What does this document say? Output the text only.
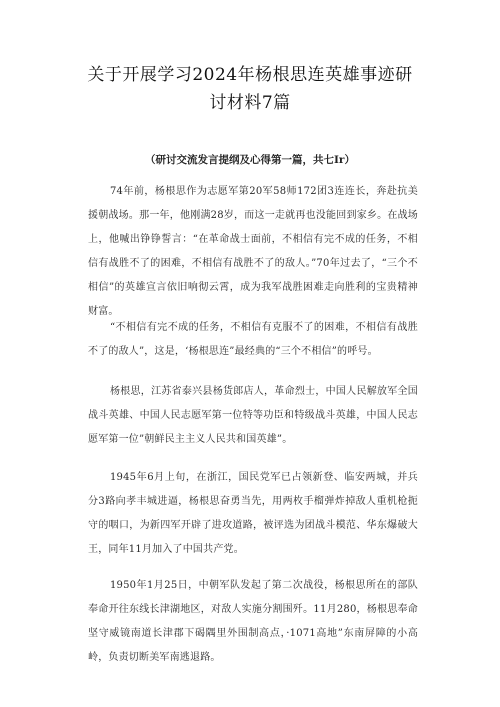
关于开展学习2024年杨根思连英雄事迹研
讨材料7篇

（研讨交流发言提纲及心得第一篇，共七Ir）

74年前，杨根思作为志愿军第20军58师172团3连连长，奔赴抗美援朝战场。那一年，他刚满28岁，而这一走就再也没能回到家乡。在战场上，他喊出铮铮誓言：“在革命战士面前，不相信有完不成的任务，不相信有战胜不了的困难，不相信有战胜不了的敌人。”70年过去了，“三个不相信”的英雄宣言依旧响彻云霄，成为我军战胜困难走向胜利的宝贵精神财富。

“不相信有完不成的任务，不相信有克服不了的困难，不相信有战胜不了的敌人”，这是，‘杨根思连”最经典的“三个不相信”的呼号。

杨根思，江苏省泰兴县杨货郎店人，革命烈士，中国人民解放军全国战斗英雄、中国人民志愿军第一位特等功臣和特级战斗英雄，中国人民志愿军第一位”朝鲜民主主义人民共和国英雄”。

1945年6月上旬，在浙江，国民党军已占领新登、临安两城，并兵分3路向孝丰城进逼，杨根思奋勇当先，用两枚手榴弹炸掉敌人重机枪扼守的咽口，为新四军开辟了进攻道路，被评选为团战斗模范、华东爆破大王，同年11月加入了中国共产党。

1950年1月25日，中朝军队发起了第二次战役，杨根思所在的部队奉命开往东线长津湖地区，对敌人实施分割围歼。11月280，杨根思奉命坚守威镜南道长津郡下碣隅里外围制高点，·1071高地”东南屏障的小高岭，负责切断美军南逃退路。
